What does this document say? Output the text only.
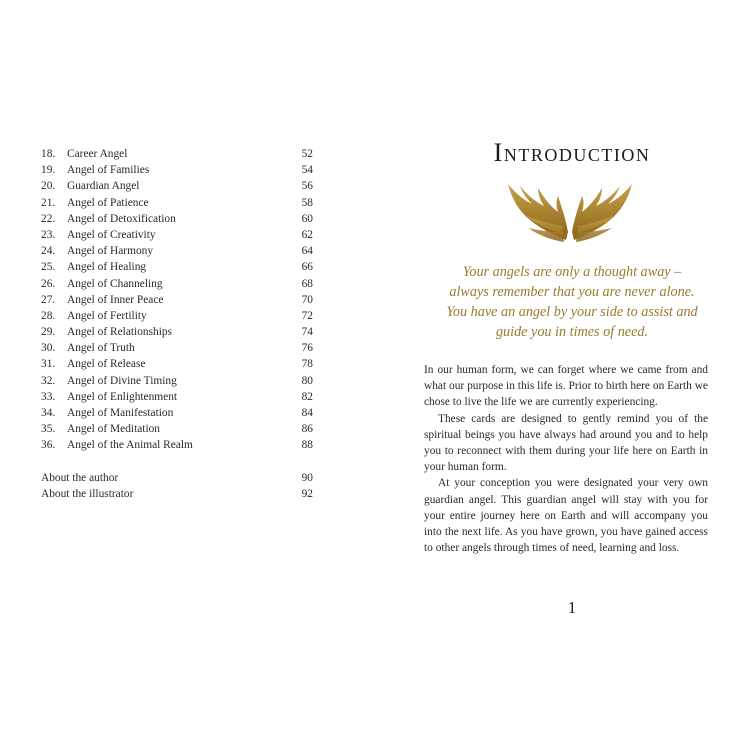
18.	Career Angel	52
19.	Angel of Families	54
20.	Guardian Angel	56
21.	Angel of Patience	58
22.	Angel of Detoxification	60
23.	Angel of Creativity	62
24.	Angel of Harmony	64
25.	Angel of Healing	66
26.	Angel of Channeling	68
27.	Angel of Inner Peace	70
28.	Angel of Fertility	72
29.	Angel of Relationships	74
30.	Angel of Truth	76
31.	Angel of Release	78
32.	Angel of Divine Timing	80
33.	Angel of Enlightenment	82
34.	Angel of Manifestation	84
35.	Angel of Meditation	86
36.	Angel of the Animal Realm	88
About the author	90
About the illustrator	92
Introduction
Your angels are only a thought away –
always remember that you are never alone.
You have an angel by your side to assist and
guide you in times of need.

In our human form, we can forget where we came from and what our purpose in this life is. Prior to birth here on Earth we chose to live the life we are currently experiencing.

These cards are designed to gently remind you of the spiritual beings you have always had around you and to help you to reconnect with them during your life here on Earth in your human form.

At your conception you were designated your very own guardian angel. This guardian angel will stay with you for your entire journey here on Earth and will accompany you into the next life. As you have grown, you have gained access to other angels through times of need, learning and loss.

1
